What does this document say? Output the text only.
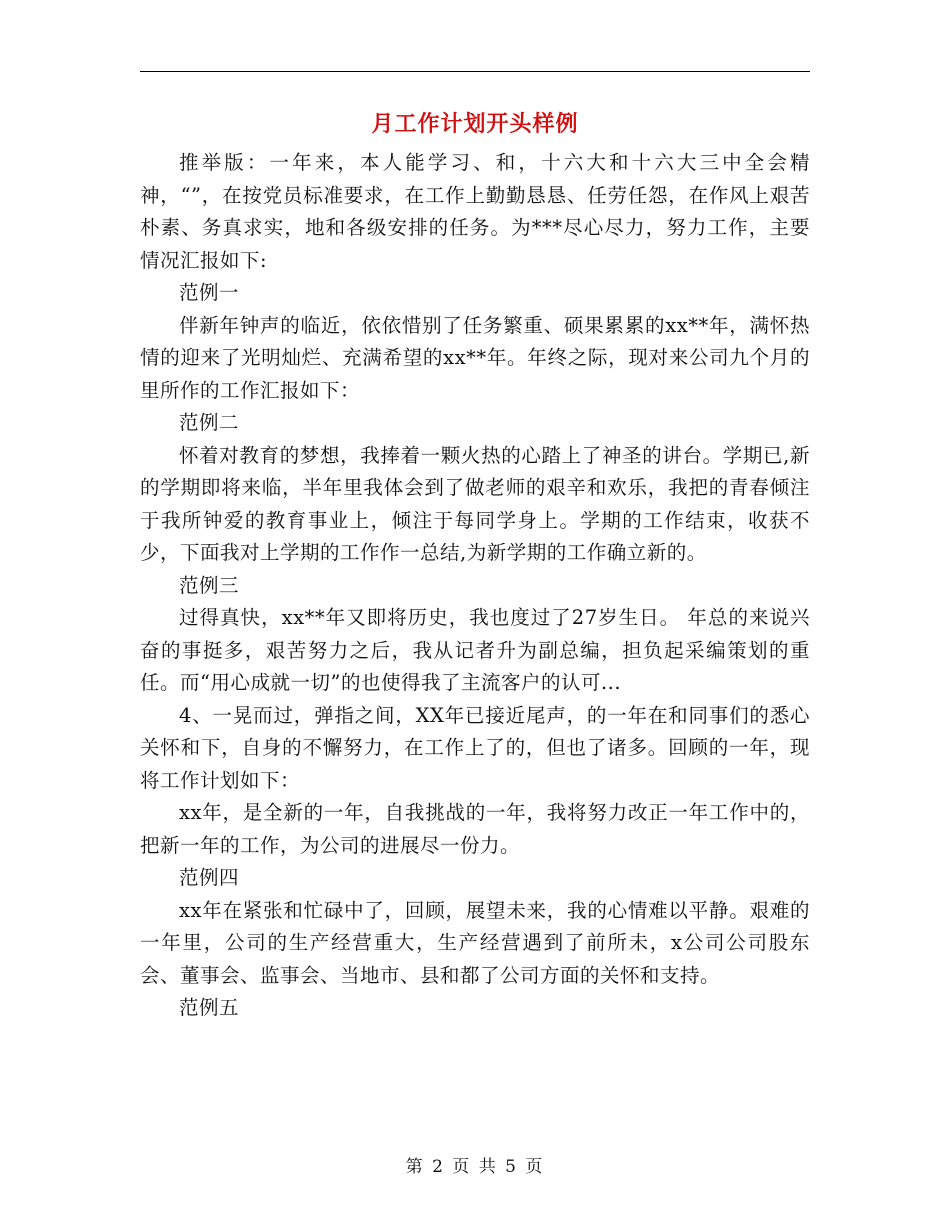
月工作计划开头样例

推举版：一年来，本人能学习、和，十六大和十六大三中全会精神，“”，在按党员标准要求，在工作上勤勤恳恳、任劳任怨，在作风上艰苦朴素、务真求实，地和各级安排的任务。为***尽心尽力，努力工作，主要情况汇报如下:

范例一

伴新年钟声的临近，依依惜别了任务繁重、硕果累累的xx**年，满怀热情的迎来了光明灿烂、充满希望的xx**年。年终之际，现对来公司九个月的里所作的工作汇报如下：

范例二

怀着对教育的梦想，我捧着一颗火热的心踏上了神圣的讲台。学期已,新的学期即将来临，半年里我体会到了做老师的艰辛和欢乐，我把的青春倾注于我所钟爱的教育事业上，倾注于每同学身上。学期的工作结束，收获不少，下面我对上学期的工作作一总结,为新学期的工作确立新的。

范例三

过得真快，xx**年又即将历史，我也度过了27岁生日。 年总的来说兴奋的事挺多，艰苦努力之后，我从记者升为副总编，担负起采编策划的重任。而“用心成就一切”的也使得我了主流客户的认可...

4、一晃而过，弹指之间，XX年已接近尾声，的一年在和同事们的悉心关怀和下，自身的不懈努力，在工作上了的，但也了诸多。回顾的一年，现将工作计划如下：

xx年，是全新的一年，自我挑战的一年，我将努力改正一年工作中的，把新一年的工作，为公司的进展尽一份力。

范例四

xx年在紧张和忙碌中了，回顾，展望未来，我的心情难以平静。艰难的一年里，公司的生产经营重大，生产经营遇到了前所未，x公司公司股东会、董事会、监事会、当地市、县和都了公司方面的关怀和支持。

范例五

第 2 页 共 5 页
